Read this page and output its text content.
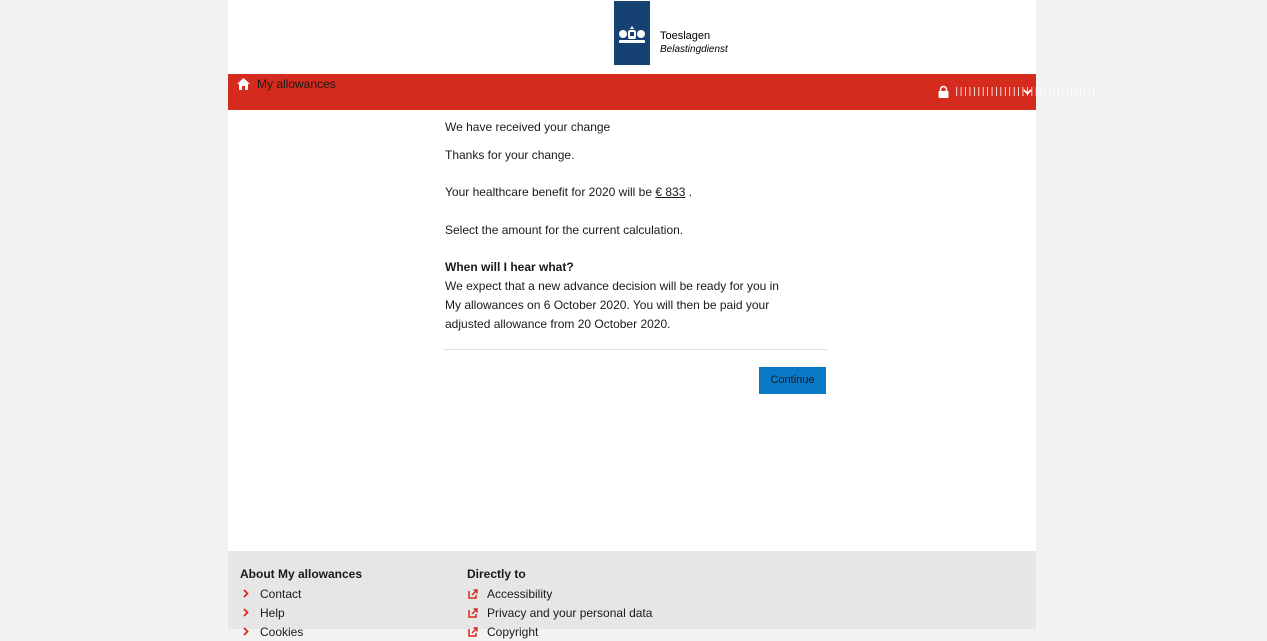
Toeslagen
Belastingdienst
My allowances
||||||||||||||||||||||||||||||||

We have received your change

Thanks for your change.

Your healthcare benefit for 2020 will be € 833 .

Select the amount for the current calculation.

When will I hear what?

We expect that a new advance decision will be ready for you in My allowances on 6 October 2020. You will then be paid your adjusted allowance from 20 October 2020.

Continue
About My allowances
Contact
Help
Cookies
Directly to
Accessibility
Privacy and your personal data
Copyright
